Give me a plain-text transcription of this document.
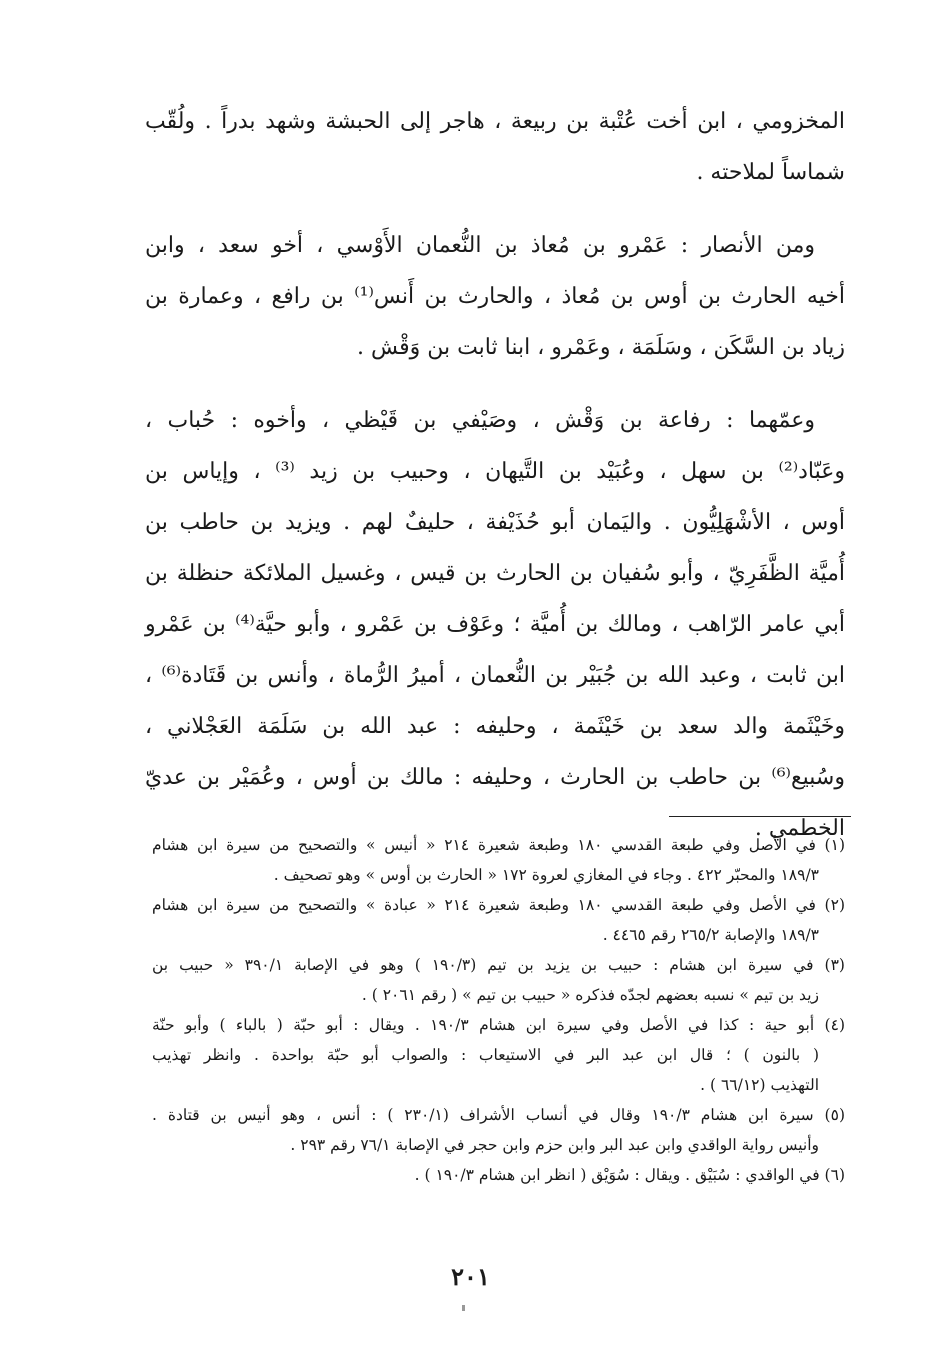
المخزومي ، ابن أخت عُتْبة بن ربيعة ، هاجر إلى الحبشة وشهد بدراً . ولُقّب
شماساً لملاحته .
ومن الأنصار : عَمْرو بن مُعاذ بن النُّعمان الأَوْسي ، أخو سعد ، وابن
أخيه الحارث بن أوس بن مُعاذ ، والحارث بن أَنس⁽¹⁾ بن رافع ، وعمارة بن
زياد بن السَّكَن ، وسَلَمَة ، وعَمْرو ، ابنا ثابت بن وَقْش .
وعمّهما : رفاعة بن وَقْش ، وصَيْفي بن قَيْظي ، وأخوه : حُباب ،
وعَبّاد⁽²⁾ بن سهل ، وعُبَيْد بن التَّيهان ، وحبيب بن زيد ⁽³⁾ ، وإياس بن
أوس ، الأشْهَلِيُّون . واليَمان أبو حُذَيْفة ، حليفٌ لهم . ويزيد بن حاطب بن
أُميَّة الظَّفَرِيّ ، وأبو سُفيان بن الحارث بن قيس ، وغسيل الملائكة حنظلة بن
أبي عامر الرّاهب ، ومالك بن أُميَّة ؛ وعَوْف بن عَمْرو ، وأبو حيَّة⁽⁴⁾ بن عَمْرو
ابن ثابت ، وعبد الله بن جُبَيْر بن النُّعمان ، أميرُ الرُّماة ، وأنس بن قَتَادة⁽⁶⁾ ،
وخَيْثَمة والد سعد بن خَيْثَمة ، وحليفه : عبد الله بن سَلَمَة العَجْلاني ،
وسُبيع⁽⁶⁾ بن حاطب بن الحارث ، وحليفه : مالك بن أوس ، وعُمَيْر بن عديّ
الخطمي .
(١) في الأصل وفي طبعة القدسي ١٨٠ وطبعة شعيرة ٢١٤ « أنيس » والتصحيح من سيرة ابن هشام
١٨٩/٣ والمحبّر ٤٢٢ . وجاء في المغازي لعروة ١٧٢ « الحارث بن أوس » وهو تصحيف .
(٢) في الأصل وفي طبعة القدسي ١٨٠ وطبعة شعيرة ٢١٤ « عبادة » والتصحيح من سيرة ابن هشام
١٨٩/٣ والإصابة ٢٦٥/٢ رقم ٤٤٦٥ .
(٣) في سيرة ابن هشام : حبيب بن يزيد بن تيم (١٩٠/٣ ) وهو في الإصابة ٣٩٠/١ « حبيب بن
زيد بن تيم » نسبه بعضهم لجدّه فذكره « حبيب بن تيم » ( رقم ٢٠٦١ ) .
(٤) أبو حية : كذا في الأصل وفي سيرة ابن هشام ١٩٠/٣ . ويقال : أبو حبّة ( بالباء ) وأبو حنّة
( بالنون ) ؛ قال ابن عبد البر في الاستيعاب : والصواب أبو حبّة بواحدة . وانظر تهذيب
التهذيب (٦٦/١٢ ) .
(٥) سيرة ابن هشام ١٩٠/٣ وقال في أنساب الأشراف (٢٣٠/١ ) : أنس ، وهو أنيس بن قتادة .
وأنيس رواية الواقدي وابن عبد البر وابن حزم وابن حجر في الإصابة ٧٦/١ رقم ٢٩٣ .
(٦) في الواقدي : سُبَيْق . ويقال : سُوَيْق ( انظر ابن هشام ١٩٠/٣ ) .
٢٠١
